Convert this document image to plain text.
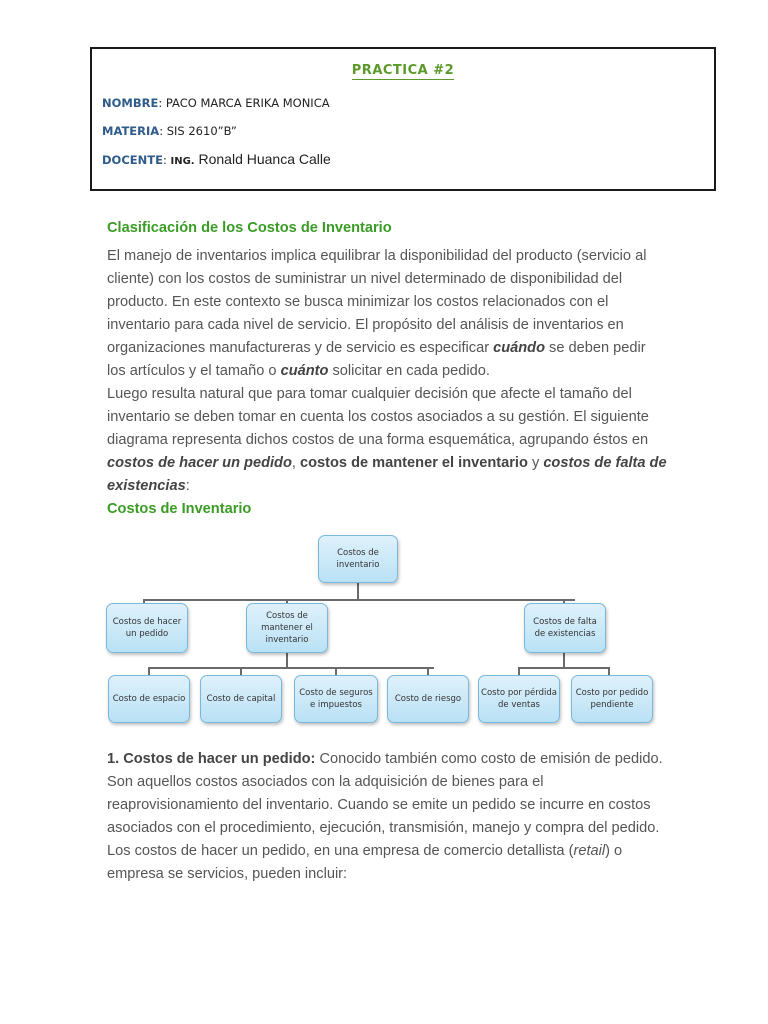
PRACTICA #2
NOMBRE: PACO MARCA ERIKA MONICA
MATERIA: SIS 2610”B”
DOCENTE: ING. Ronald Huanca Calle
Clasificación de los Costos de Inventario

El manejo de inventarios implica equilibrar la disponibilidad del producto (servicio al cliente) con los costos de suministrar un nivel determinado de disponibilidad del producto. En este contexto se busca minimizar los costos relacionados con el inventario para cada nivel de servicio. El propósito del análisis de inventarios en organizaciones manufactureras y de servicio es especificar cuándo se deben pedir los artículos y el tamaño o cuánto solicitar en cada pedido.

Luego resulta natural que para tomar cualquier decisión que afecte el tamaño del inventario se deben tomar en cuenta los costos asociados a su gestión. El siguiente diagrama representa dichos costos de una forma esquemática, agrupando éstos en costos de hacer un pedido, costos de mantener el inventario y costos de falta de existencias:

Costos de Inventario
Costos de inventario
Costos de hacer un pedido
Costos de mantener el inventario
Costos de falta de existencias
Costo de espacio	Costo de capital
Costo de seguros e impuestos
Costo de riesgo
Costo por pérdida de ventas
Costo por pedido pendiente

1. Costos de hacer un pedido: Conocido también como costo de emisión de pedido. Son aquellos costos asociados con la adquisición de bienes para el reaprovisionamiento del inventario. Cuando se emite un pedido se incurre en costos asociados con el procedimiento, ejecución, transmisión, manejo y compra del pedido.

Los costos de hacer un pedido, en una empresa de comercio detallista (retail) o empresa se servicios, pueden incluir:
